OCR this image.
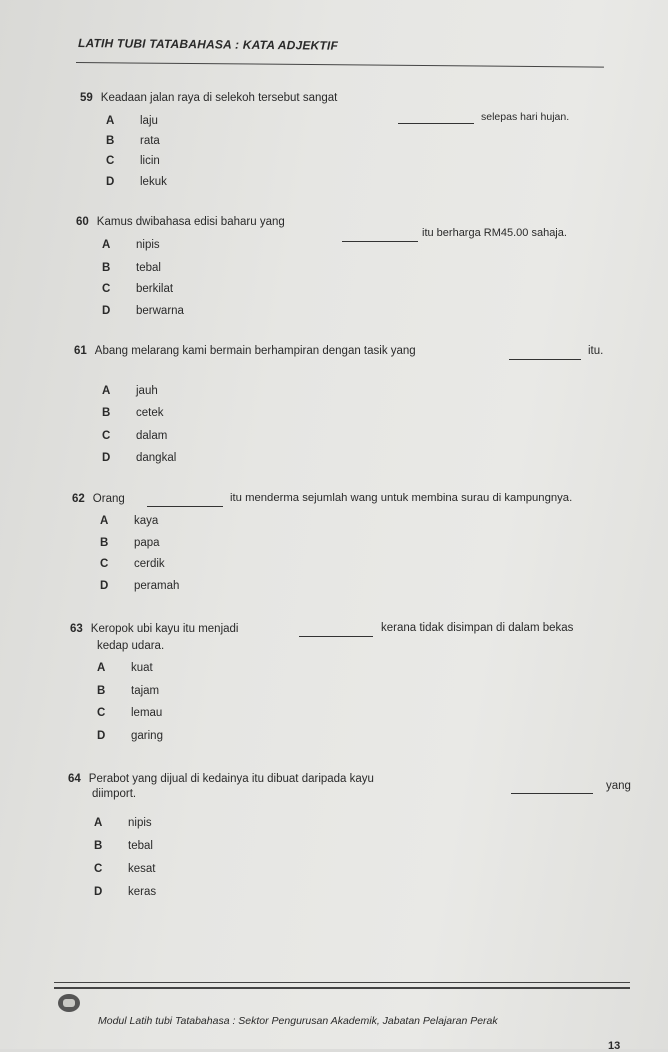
LATIH TUBI TATABAHASA : KATA ADJEKTIF
59 Keadaan jalan raya di selekoh tersebut sangat
selepas hari hujan.
A laju
B rata
C licin
D lekuk
60 Kamus dwibahasa edisi baharu yang
itu berharga RM45.00 sahaja.
A nipis
B tebal
C berkilat
D berwarna
61 Abang melarang kami bermain berhampiran dengan tasik yang	itu.
A jauh
B cetek
C dalam
D dangkal
62 Orang	itu menderma sejumlah wang untuk membina surau di kampungnya.
A kaya
B papa
C cerdik
D peramah
63 Keropok ubi kayu itu menjadi	kerana tidak disimpan di dalam bekas
kedap udara.
A kuat
B tajam
C lemau
D garing
64 Perabot yang dijual di kedainya itu dibuat daripada kayu
yang
diimport.
A nipis
B tebal
C kesat
D keras
Modul Latih tubi Tatabahasa : Sektor Pengurusan Akademik, Jabatan Pelajaran Perak
13
